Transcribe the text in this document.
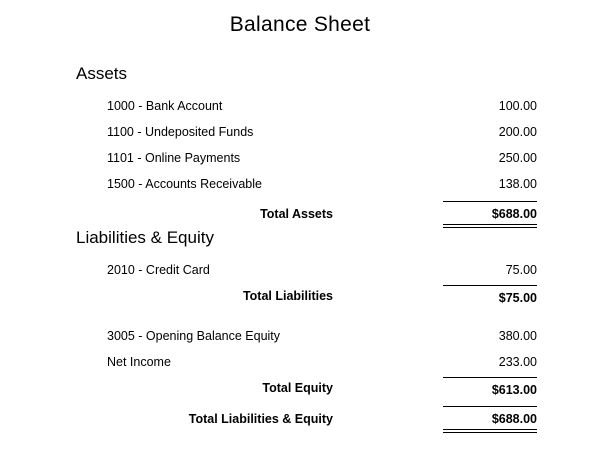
Balance Sheet
Assets
1000 - Bank Account	100.00
1100 - Undeposited Funds	200.00
1101 - Online Payments	250.00
1500 - Accounts Receivable	138.00
Total Assets	$688.00
Liabilities & Equity
2010 - Credit Card	75.00
Total Liabilities	$75.00
3005 - Opening Balance Equity	380.00
Net Income	233.00
Total Equity	$613.00
Total Liabilities & Equity	$688.00
